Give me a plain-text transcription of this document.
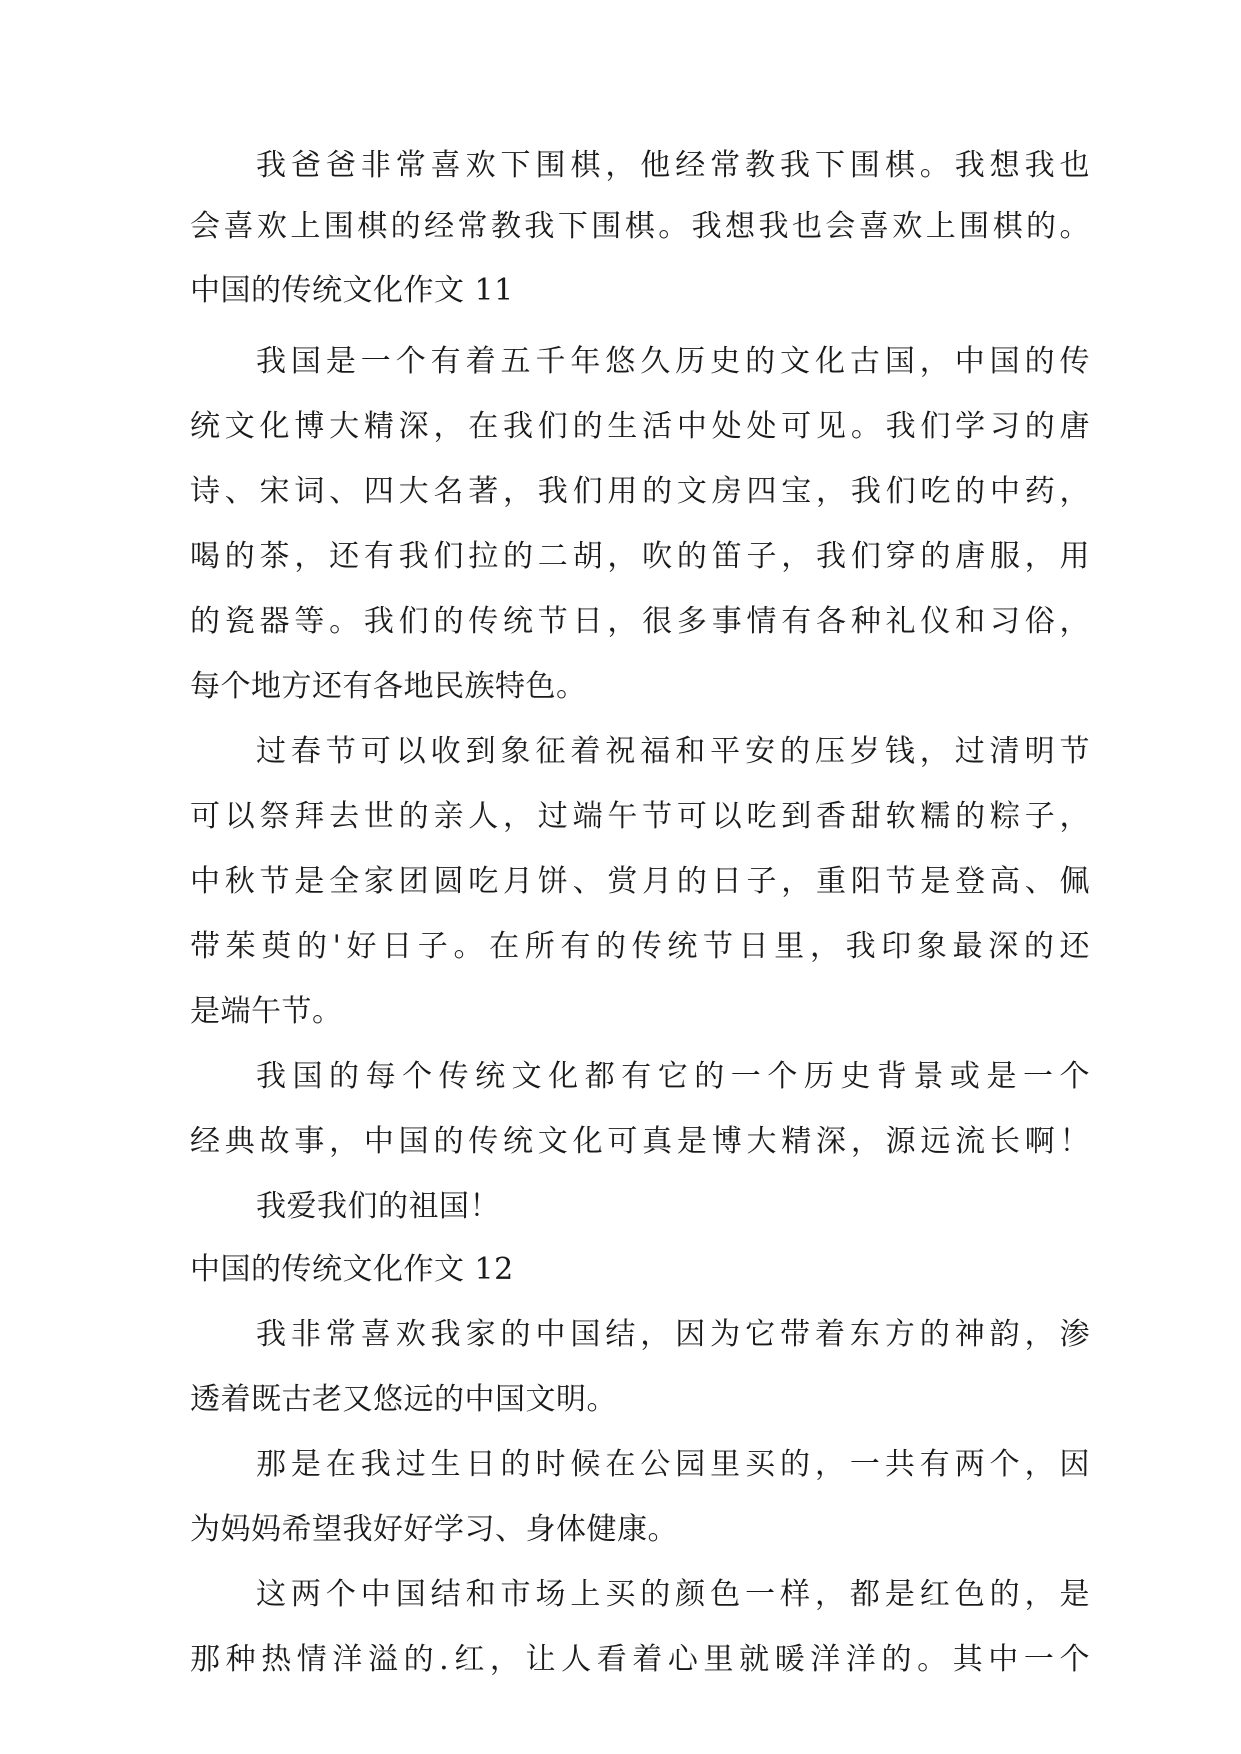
我爸爸非常喜欢下围棋，他经常教我下围棋。我想我也
会喜欢上围棋的经常教我下围棋。我想我也会喜欢上围棋的。
中国的传统文化作文 11
我国是一个有着五千年悠久历史的文化古国，中国的传
统文化博大精深，在我们的生活中处处可见。我们学习的唐
诗、宋词、四大名著，我们用的文房四宝，我们吃的中药，
喝的茶，还有我们拉的二胡，吹的笛子，我们穿的唐服，用
的瓷器等。我们的传统节日，很多事情有各种礼仪和习俗，
每个地方还有各地民族特色。
过春节可以收到象征着祝福和平安的压岁钱，过清明节
可以祭拜去世的亲人，过端午节可以吃到香甜软糯的粽子，
中秋节是全家团圆吃月饼、赏月的日子，重阳节是登高、佩
带茱萸的'好日子。在所有的传统节日里，我印象最深的还
是端午节。
我国的每个传统文化都有它的一个历史背景或是一个
经典故事，中国的传统文化可真是博大精深，源远流长啊！
我爱我们的祖国！
中国的传统文化作文 12
我非常喜欢我家的中国结，因为它带着东方的神韵，渗
透着既古老又悠远的中国文明。
那是在我过生日的时候在公园里买的，一共有两个，因
为妈妈希望我好好学习、身体健康。
这两个中国结和市场上买的颜色一样，都是红色的，是
那种热情洋溢的.红，让人看着心里就暖洋洋的。其中一个
